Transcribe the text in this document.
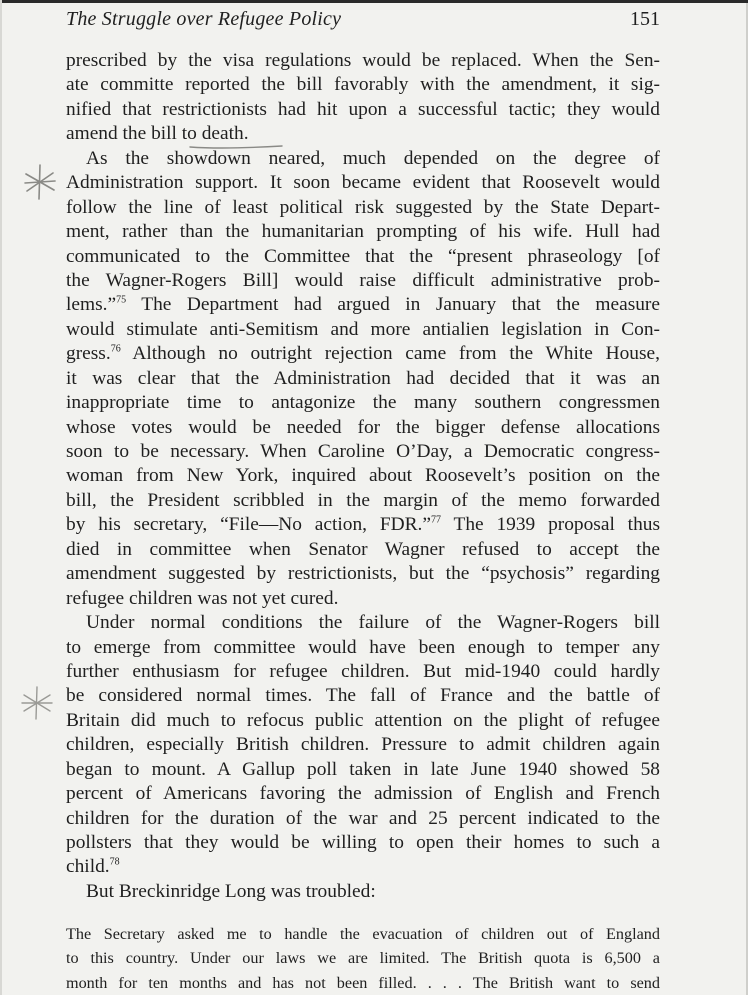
The Struggle over Refugee Policy	151
prescribed by the visa regulations would be replaced. When the Sen-
ate committe reported the bill favorably with the amendment, it sig-
nified that restrictionists had hit upon a successful tactic; they would
amend the bill to death.
As the showdown neared, much depended on the degree of
Administration support. It soon became evident that Roosevelt would
follow the line of least political risk suggested by the State Depart-
ment, rather than the humanitarian prompting of his wife. Hull had
communicated to the Committee that the “present phraseology [of
the Wagner-Rogers Bill] would raise difficult administrative prob-
lems.”$^{75}$ The Department had argued in January that the measure
would stimulate anti-Semitism and more antialien legislation in Con-
gress.$^{76}$ Although no outright rejection came from the White House,
it was clear that the Administration had decided that it was an
inappropriate time to antagonize the many southern congressmen
whose votes would be needed for the bigger defense allocations
soon to be necessary. When Caroline O’Day, a Democratic congress-
woman from New York, inquired about Roosevelt’s position on the
bill, the President scribbled in the margin of the memo forwarded
by his secretary, “File—No action, FDR.”$^{77}$ The 1939 proposal thus
died in committee when Senator Wagner refused to accept the
amendment suggested by restrictionists, but the “psychosis” regarding
refugee children was not yet cured.
Under normal conditions the failure of the Wagner-Rogers bill
to emerge from committee would have been enough to temper any
further enthusiasm for refugee children. But mid-1940 could hardly
be considered normal times. The fall of France and the battle of
Britain did much to refocus public attention on the plight of refugee
children, especially British children. Pressure to admit children again
began to mount. A Gallup poll taken in late June 1940 showed 58
percent of Americans favoring the admission of English and French
children for the duration of the war and 25 percent indicated to the
pollsters that they would be willing to open their homes to such a
child.$^{78}$
But Breckinridge Long was troubled:
The Secretary asked me to handle the evacuation of children out of England
to this country. Under our laws we are limited. The British quota is 6,500 a
month for ten months and has not been filled. . . . The British want to send
